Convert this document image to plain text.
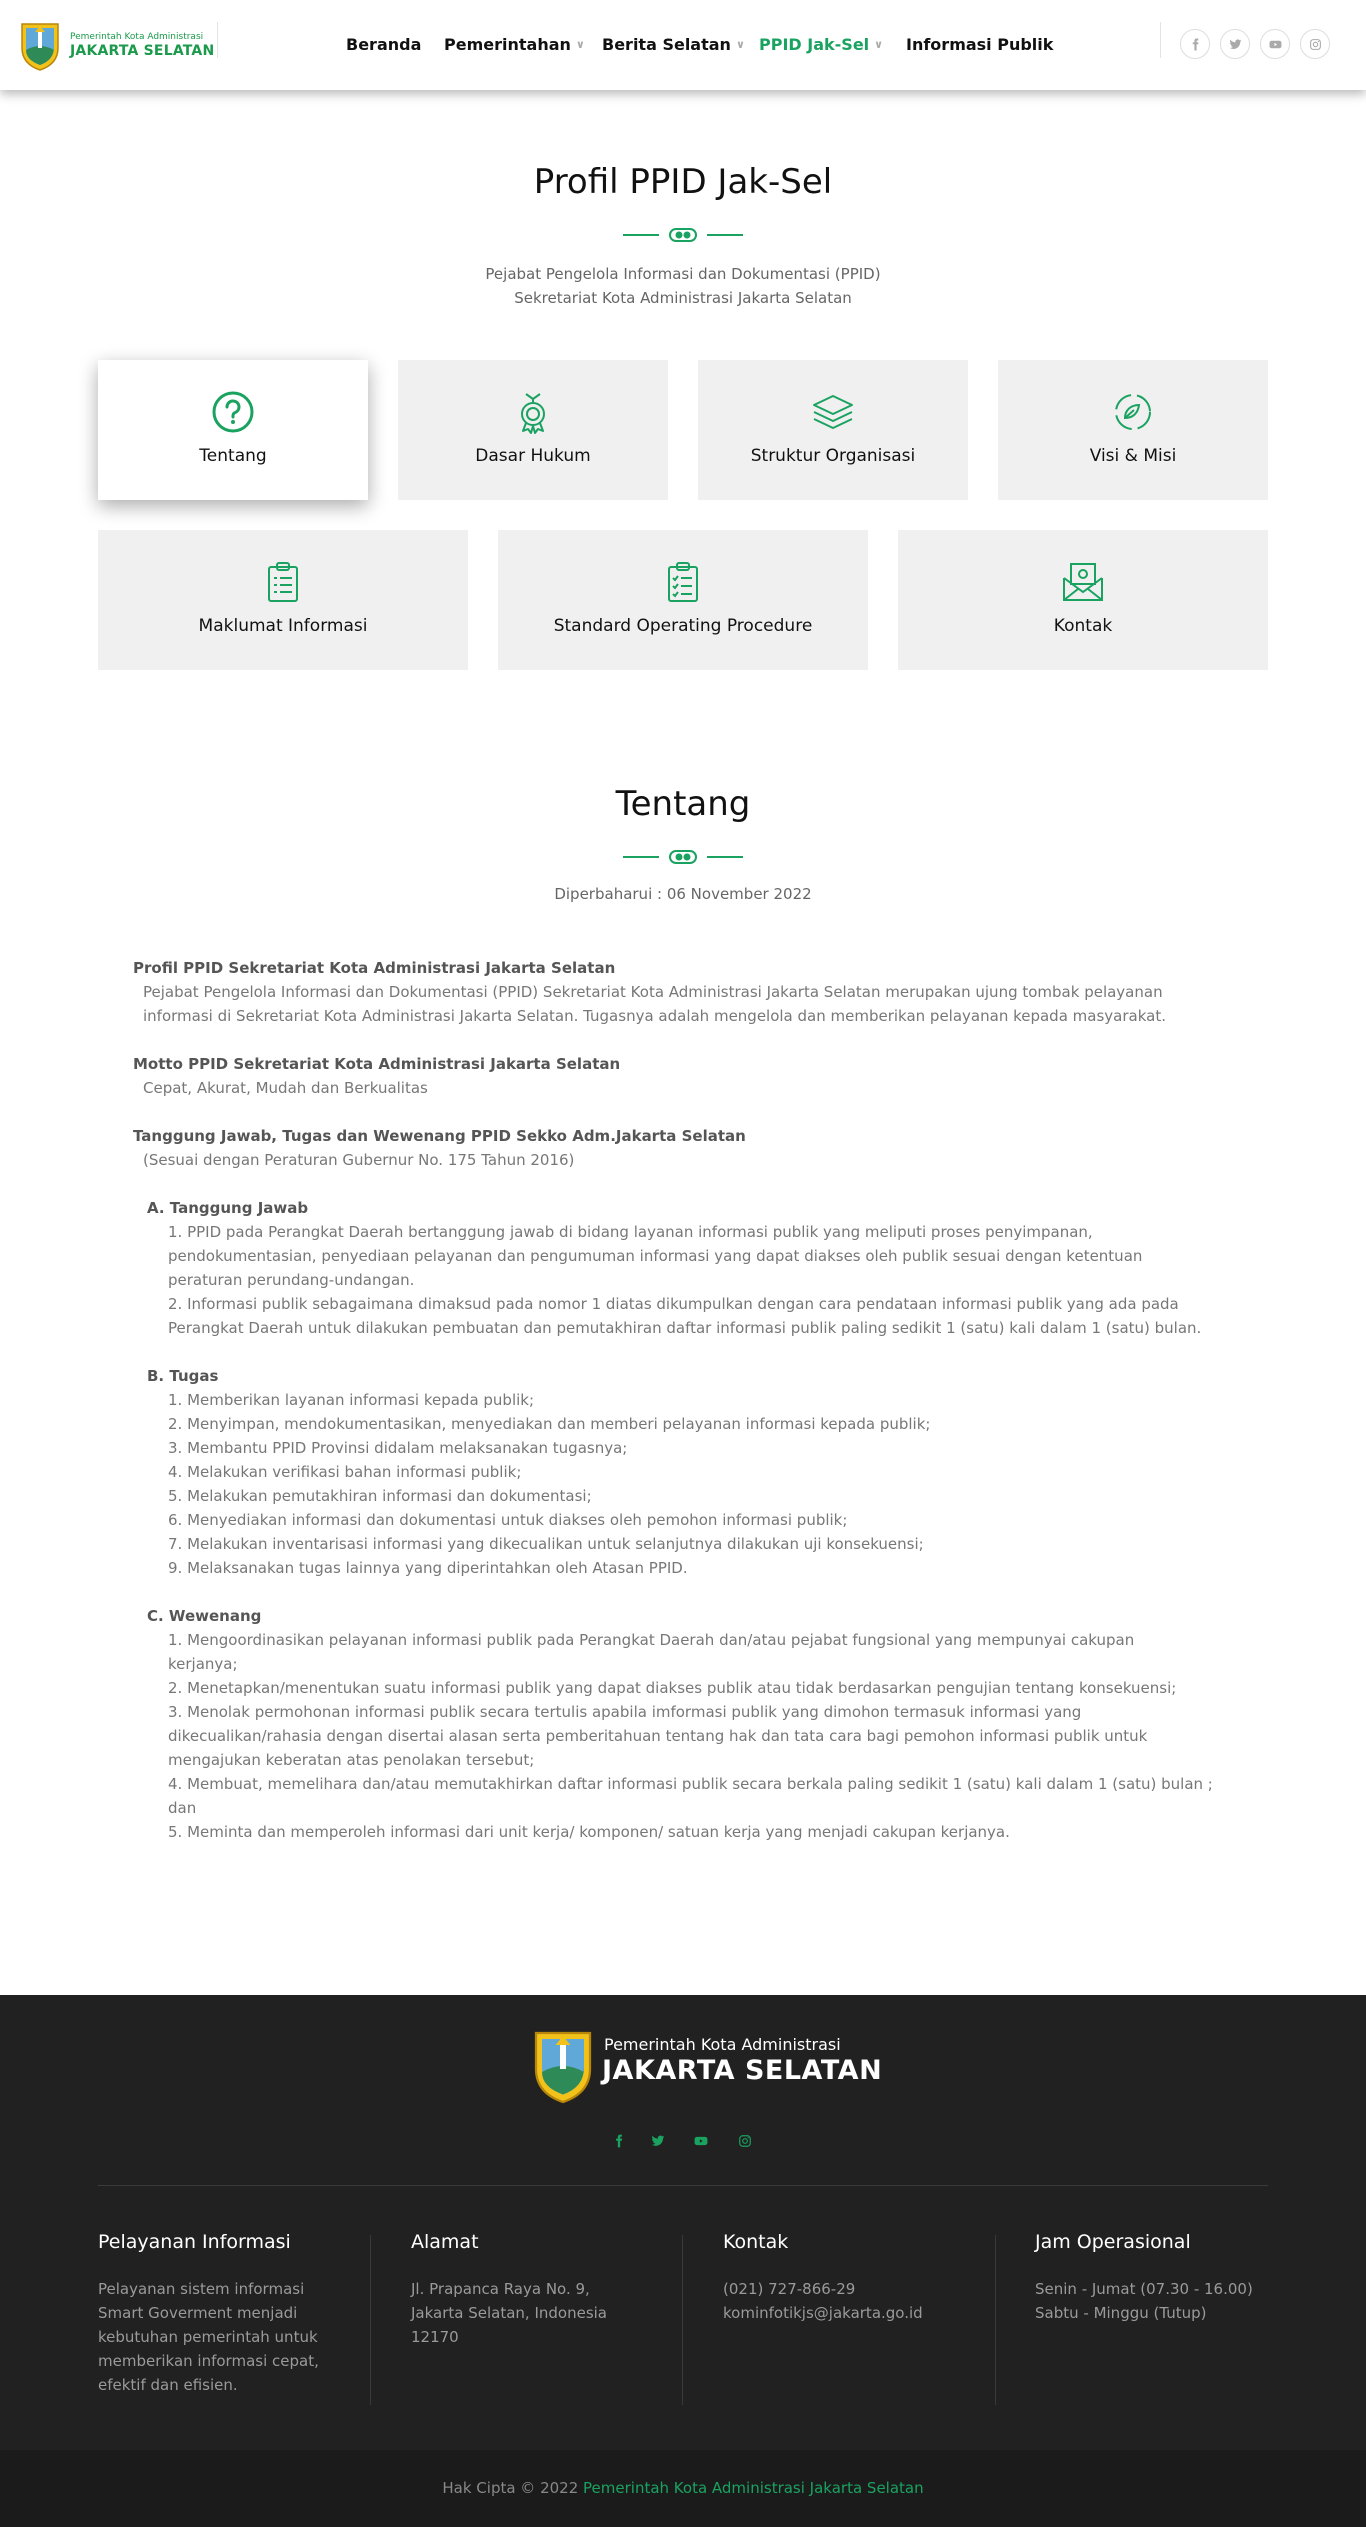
Pemerintah Kota Administrasi
JAKARTA SELATAN	Beranda Pemerintahan ∨ Berita Selatan ∨ PPID Jak-Sel ∨ Informasi Publik
Profil PPID Jak-Sel
Pejabat Pengelola Informasi dan Dokumentasi (PPID)
Sekretariat Kota Administrasi Jakarta Selatan
Tentang	Dasar Hukum	Struktur Organisasi	Visi & Misi
Maklumat Informasi	Standard Operating Procedure	Kontak
Tentang
Diperbaharui : 06 November 2022
Profil PPID Sekretariat Kota Administrasi Jakarta Selatan
Pejabat Pengelola Informasi dan Dokumentasi (PPID) Sekretariat Kota Administrasi Jakarta Selatan merupakan ujung tombak pelayanan
informasi di Sekretariat Kota Administrasi Jakarta Selatan. Tugasnya adalah mengelola dan memberikan pelayanan kepada masyarakat.
Motto PPID Sekretariat Kota Administrasi Jakarta Selatan
Cepat, Akurat, Mudah dan Berkualitas
Tanggung Jawab, Tugas dan Wewenang PPID Sekko Adm.Jakarta Selatan
(Sesuai dengan Peraturan Gubernur No. 175 Tahun 2016)
A. Tanggung Jawab
1. PPID pada Perangkat Daerah bertanggung jawab di bidang layanan informasi publik yang meliputi proses penyimpanan,
pendokumentasian, penyediaan pelayanan dan pengumuman informasi yang dapat diakses oleh publik sesuai dengan ketentuan
peraturan perundang-undangan.
2. Informasi publik sebagaimana dimaksud pada nomor 1 diatas dikumpulkan dengan cara pendataan informasi publik yang ada pada
Perangkat Daerah untuk dilakukan pembuatan dan pemutakhiran daftar informasi publik paling sedikit 1 (satu) kali dalam 1 (satu) bulan.
B. Tugas
1. Memberikan layanan informasi kepada publik;
2. Menyimpan, mendokumentasikan, menyediakan dan memberi pelayanan informasi kepada publik;
3. Membantu PPID Provinsi didalam melaksanakan tugasnya;
4. Melakukan verifikasi bahan informasi publik;
5. Melakukan pemutakhiran informasi dan dokumentasi;
6. Menyediakan informasi dan dokumentasi untuk diakses oleh pemohon informasi publik;
7. Melakukan inventarisasi informasi yang dikecualikan untuk selanjutnya dilakukan uji konsekuensi;
9. Melaksanakan tugas lainnya yang diperintahkan oleh Atasan PPID.
C. Wewenang
1. Mengoordinasikan pelayanan informasi publik pada Perangkat Daerah dan/atau pejabat fungsional yang mempunyai cakupan
kerjanya;
2. Menetapkan/menentukan suatu informasi publik yang dapat diakses publik atau tidak berdasarkan pengujian tentang konsekuensi;
3. Menolak permohonan informasi publik secara tertulis apabila imformasi publik yang dimohon termasuk informasi yang
dikecualikan/rahasia dengan disertai alasan serta pemberitahuan tentang hak dan tata cara bagi pemohon informasi publik untuk
mengajukan keberatan atas penolakan tersebut;
4. Membuat, memelihara dan/atau memutakhirkan daftar informasi publik secara berkala paling sedikit 1 (satu) kali dalam 1 (satu) bulan ;
dan
5. Meminta dan memperoleh informasi dari unit kerja/ komponen/ satuan kerja yang menjadi cakupan kerjanya.
Pemerintah Kota Administrasi
JAKARTA SELATAN
Pelayanan Informasi
Pelayanan sistem informasi
Smart Goverment menjadi
kebutuhan pemerintah untuk
memberikan informasi cepat,
efektif dan efisien.
Alamat
Jl. Prapanca Raya No. 9,
Jakarta Selatan, Indonesia
12170
Kontak
(021) 727-866-29
kominfotikjs@jakarta.go.id
Jam Operasional
Senin - Jumat (07.30 - 16.00)
Sabtu - Minggu (Tutup)
Hak Cipta © 2022 Pemerintah Kota Administrasi Jakarta Selatan
